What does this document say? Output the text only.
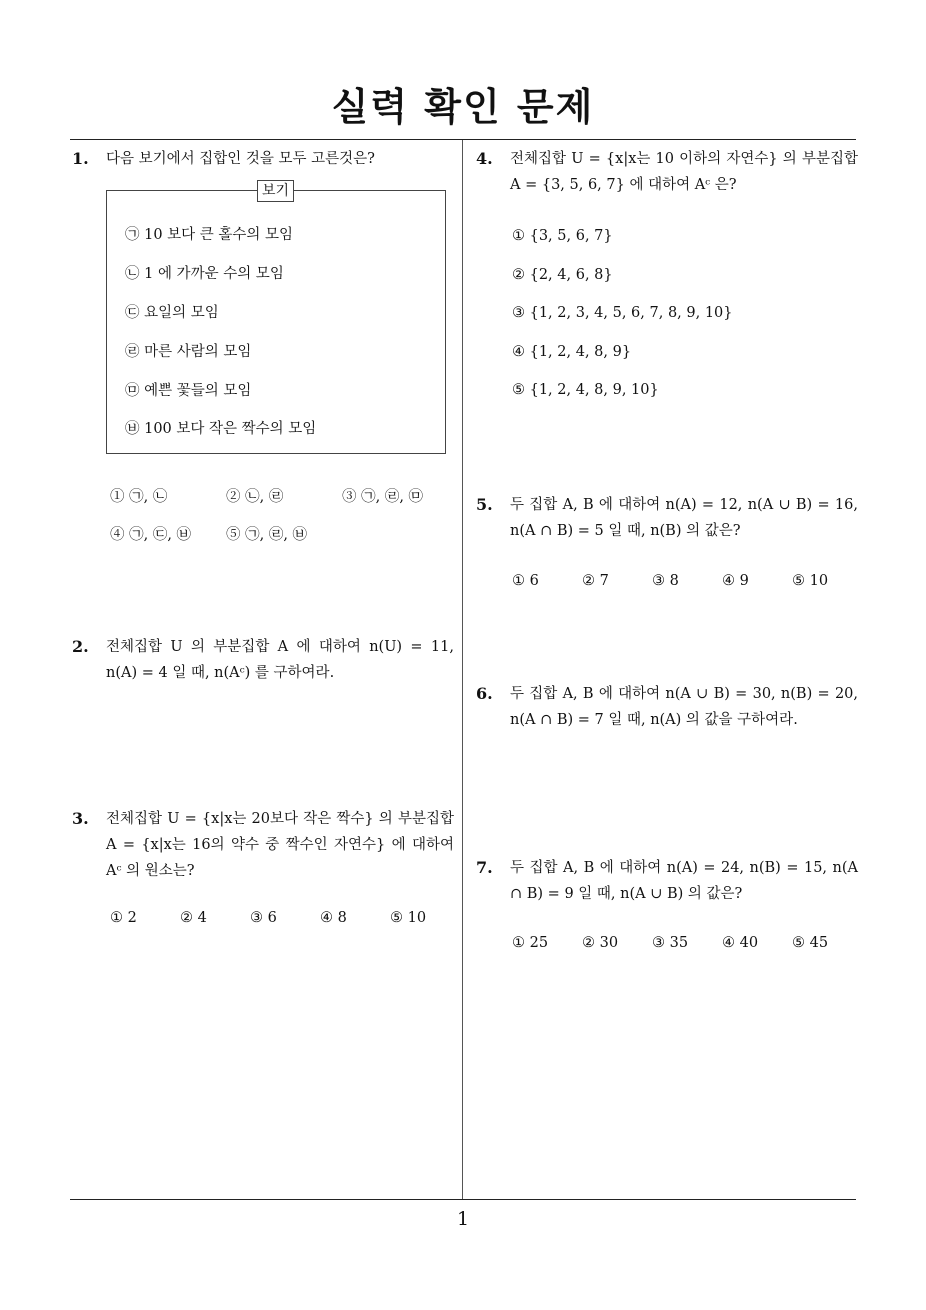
실력 확인 문제
1
1. 다음 보기에서 집합인 것을 모두 고른것은?
보기
㉠ 10 보다 큰 홀수의 모임
㉡ 1 에 가까운 수의 모임
㉢ 요일의 모임
㉣ 마른 사람의 모임
㉤ 예쁜 꽃들의 모임
㉥ 100 보다 작은 짝수의 모임
① ㉠, ㉡	② ㉡, ㉣	③ ㉠, ㉣, ㉤
④ ㉠, ㉢, ㉥ ⑤ ㉠, ㉣, ㉥
2. 전체집합 U 의 부분집합 A 에 대하여 n(U) = 11, n(A) = 4 일 때, n(Aᶜ) 를 구하여라.
3. 전체집합 U = {x|x는 20보다 작은 짝수} 의 부분집합 A = {x|x는 16의 약수 중 짝수인 자연수} 에 대하여 Aᶜ 의 원소는?
① 2	② 4	③ 6	④ 8	⑤ 10
4. 전체집합 U = {x|x는 10 이하의 자연수} 의 부분집합 A = {3, 5, 6, 7} 에 대하여 Aᶜ 은?
① {3, 5, 6, 7}
② {2, 4, 6, 8}
③ {1, 2, 3, 4, 5, 6, 7, 8, 9, 10}
④ {1, 2, 4, 8, 9}
⑤ {1, 2, 4, 8, 9, 10}
5. 두 집합 A, B 에 대하여 n(A) = 12, n(A ∪ B) = 16, n(A ∩ B) = 5 일 때, n(B) 의 값은?
① 6	② 7	③ 8	④ 9	⑤ 10
6. 두 집합 A, B 에 대하여 n(A ∪ B) = 30, n(B) = 20, n(A ∩ B) = 7 일 때, n(A) 의 값을 구하여라.
7. 두 집합 A, B 에 대하여 n(A) = 24, n(B) = 15, n(A ∩ B) = 9 일 때, n(A ∪ B) 의 값은?
① 25 ② 30 ③ 35 ④ 40 ⑤ 45
